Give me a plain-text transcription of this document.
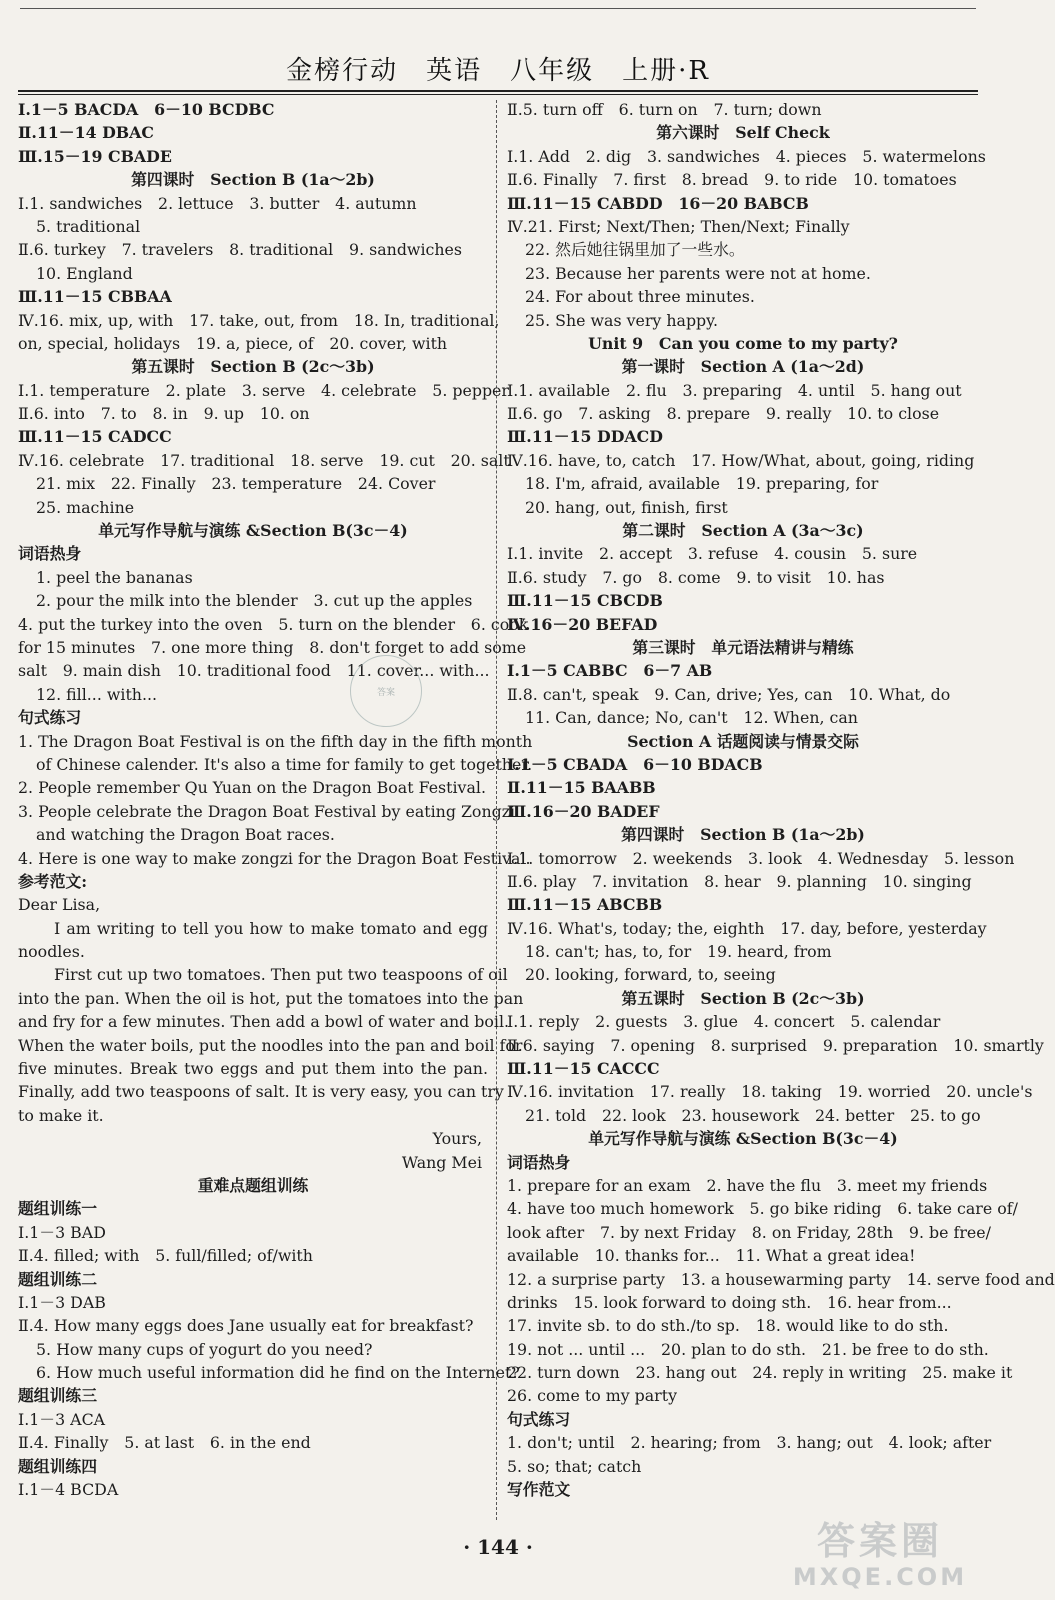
金榜行动　英语　八年级　上册·R
Ⅰ.1－5 BACDA　6－10 BCDBC
Ⅱ.11－14 DBAC
Ⅲ.15－19 CBADE
第四课时　Section B (1a～2b)
Ⅰ.1. sandwiches　2. lettuce　3. butter　4. autumn
5. traditional
Ⅱ.6. turkey　7. travelers　8. traditional　9. sandwiches
10. England
Ⅲ.11－15 CBBAA
Ⅳ.16. mix, up, with　17. take, out, from　18. In, traditional,
on, special, holidays　19. a, piece, of　20. cover, with
第五课时　Section B (2c～3b)
Ⅰ.1. temperature　2. plate　3. serve　4. celebrate　5. pepper
Ⅱ.6. into　7. to　8. in　9. up　10. on
Ⅲ.11－15 CADCC
Ⅳ.16. celebrate　17. traditional　18. serve　19. cut　20. salt
21. mix　22. Finally　23. temperature　24. Cover
25. machine
单元写作导航与演练 &Section B(3c－4)
词语热身
1. peel the bananas
2. pour the milk into the blender　3. cut up the apples
4. put the turkey into the oven　5. turn on the blender　6. cook
for 15 minutes　7. one more thing　8. don't forget to add some
salt　9. main dish　10. traditional food　11. cover... with...
12. fill... with...
句式练习
1. The Dragon Boat Festival is on the fifth day in the fifth month
of Chinese calender. It's also a time for family to get together.
2. People remember Qu Yuan on the Dragon Boat Festival.
3. People celebrate the Dragon Boat Festival by eating Zongzi
and watching the Dragon Boat races.
4. Here is one way to make zongzi for the Dragon Boat Festival.
参考范文:
Dear Lisa,
I am writing to tell you how to make tomato and egg
noodles.
First cut up two tomatoes. Then put two teaspoons of oil
into the pan. When the oil is hot, put the tomatoes into the pan
and fry for a few minutes. Then add a bowl of water and boil.
When the water boils, put the noodles into the pan and boil for
five minutes. Break two eggs and put them into the pan.
Finally, add two teaspoons of salt. It is very easy, you can try
to make it.
Yours,
Wang Mei
重难点题组训练
题组训练一
Ⅰ.1－3 BAD
Ⅱ.4. filled; with　5. full/filled; of/with
题组训练二
Ⅰ.1－3 DAB
Ⅱ.4. How many eggs does Jane usually eat for breakfast?
5. How many cups of yogurt do you need?
6. How much useful information did he find on the Internet?
题组训练三
Ⅰ.1－3 ACA
Ⅱ.4. Finally　5. at last　6. in the end
题组训练四
Ⅰ.1－4 BCDA
Ⅱ.5. turn off　6. turn on　7. turn; down
第六课时　Self Check
Ⅰ.1. Add　2. dig　3. sandwiches　4. pieces　5. watermelons
Ⅱ.6. Finally　7. first　8. bread　9. to ride　10. tomatoes
Ⅲ.11－15 CABDD　16－20 BABCB
Ⅳ.21. First; Next/Then; Then/Next; Finally
22. 然后她往锅里加了一些水。
23. Because her parents were not at home.
24. For about three minutes.
25. She was very happy.
Unit 9　Can you come to my party?
第一课时　Section A (1a～2d)
Ⅰ.1. available　2. flu　3. preparing　4. until　5. hang out
Ⅱ.6. go　7. asking　8. prepare　9. really　10. to close
Ⅲ.11－15 DDACD
Ⅳ.16. have, to, catch　17. How/What, about, going, riding
18. I'm, afraid, available　19. preparing, for
20. hang, out, finish, first
第二课时　Section A (3a～3c)
Ⅰ.1. invite　2. accept　3. refuse　4. cousin　5. sure
Ⅱ.6. study　7. go　8. come　9. to visit　10. has
Ⅲ.11－15 CBCDB
Ⅳ.16－20 BEFAD
第三课时　单元语法精讲与精练
Ⅰ.1－5 CABBC　6－7 AB
Ⅱ.8. can't, speak　9. Can, drive; Yes, can　10. What, do
11. Can, dance; No, can't　12. When, can
Section A 话题阅读与情景交际
Ⅰ.1－5 CBADA　6－10 BDACB
Ⅱ.11－15 BAABB
Ⅲ.16－20 BADEF
第四课时　Section B (1a～2b)
Ⅰ.1. tomorrow　2. weekends　3. look　4. Wednesday　5. lesson
Ⅱ.6. play　7. invitation　8. hear　9. planning　10. singing
Ⅲ.11－15 ABCBB
Ⅳ.16. What's, today; the, eighth　17. day, before, yesterday
18. can't; has, to, for　19. heard, from
20. looking, forward, to, seeing
第五课时　Section B (2c～3b)
Ⅰ.1. reply　2. guests　3. glue　4. concert　5. calendar
Ⅱ.6. saying　7. opening　8. surprised　9. preparation　10. smartly
Ⅲ.11－15 CACCC
Ⅳ.16. invitation　17. really　18. taking　19. worried　20. uncle's
21. told　22. look　23. housework　24. better　25. to go
单元写作导航与演练 &Section B(3c－4)
词语热身
1. prepare for an exam　2. have the flu　3. meet my friends
4. have too much homework　5. go bike riding　6. take care of/
look after　7. by next Friday　8. on Friday, 28th　9. be free/
available　10. thanks for...　11. What a great idea!
12. a surprise party　13. a housewarming party　14. serve food and
drinks　15. look forward to doing sth.　16. hear from...
17. invite sb. to do sth./to sp.　18. would like to do sth.
19. not ... until ...　20. plan to do sth.　21. be free to do sth.
22. turn down　23. hang out　24. reply in writing　25. make it
26. come to my party
句式练习
1. don't; until　2. hearing; from　3. hang; out　4. look; after
5. so; that; catch
写作范文
答案
· 144 ·	答案圈
MXQE.COM
